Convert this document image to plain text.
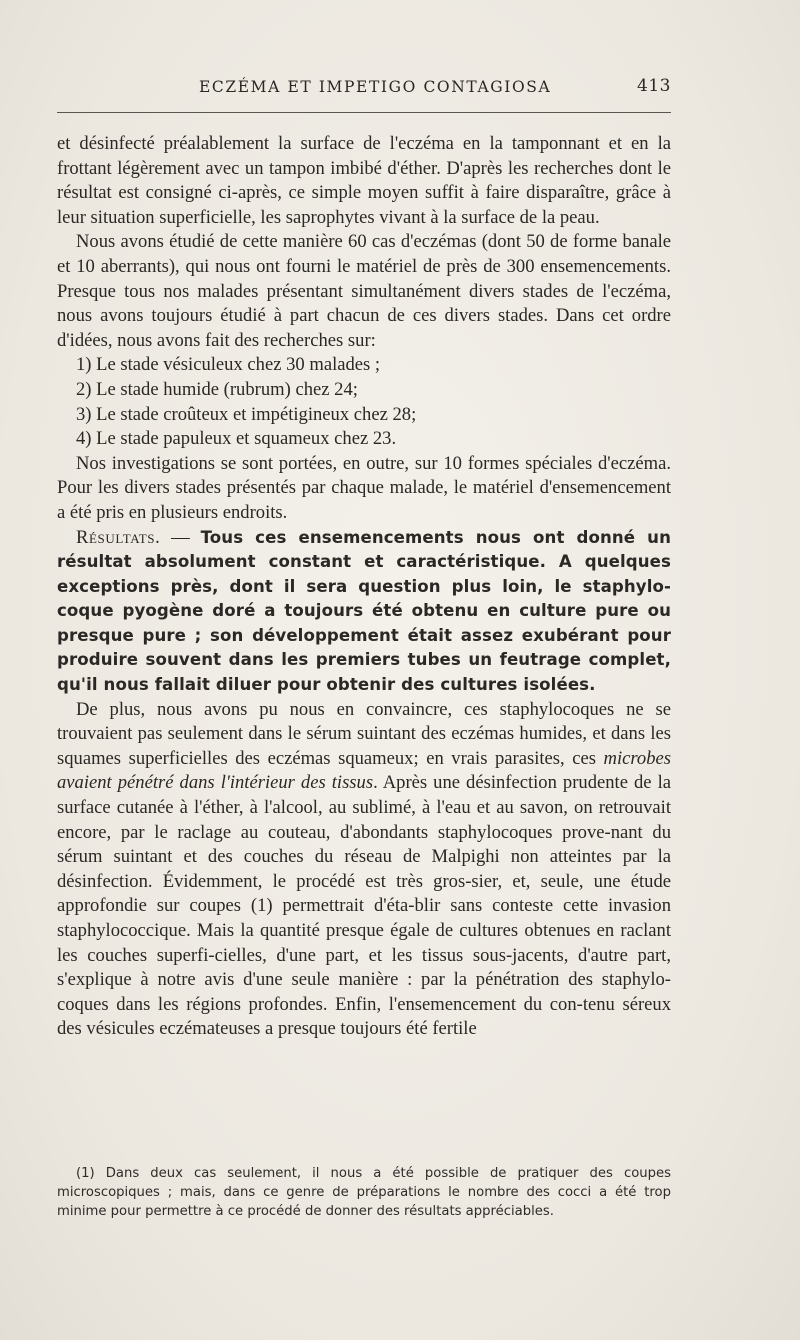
ECZÉMA ET IMPETIGO CONTAGIOSA	413

et désinfecté préalablement la surface de l'eczéma en la tamponnant et en la frottant légèrement avec un tampon imbibé d'éther. D'après les recherches dont le résultat est consigné ci-après, ce simple moyen suffit à faire disparaître, grâce à leur situation superficielle, les saprophytes vivant à la surface de la peau.

Nous avons étudié de cette manière 60 cas d'eczémas (dont 50 de forme banale et 10 aberrants), qui nous ont fourni le matériel de près de 300 ensemencements. Presque tous nos malades présentant simultanément divers stades de l'eczéma, nous avons toujours étudié à part chacun de ces divers stades. Dans cet ordre d'idées, nous avons fait des recherches sur:

1) Le stade vésiculeux chez 30 malades ;

2) Le stade humide (rubrum) chez 24;

3) Le stade croûteux et impétigineux chez 28;

4) Le stade papuleux et squameux chez 23.

Nos investigations se sont portées, en outre, sur 10 formes spéciales d'eczéma. Pour les divers stades présentés par chaque malade, le matériel d'ensemencement a été pris en plusieurs endroits.

Résultats. — Tous ces ensemencements nous ont donné un résultat absolument constant et caractéristique. A quelques exceptions près, dont il sera question plus loin, le staphylo-coque pyogène doré a toujours été obtenu en culture pure ou presque pure ; son développement était assez exubérant pour produire souvent dans les premiers tubes un feutrage complet, qu'il nous fallait diluer pour obtenir des cultures isolées.

De plus, nous avons pu nous en convaincre, ces staphylocoques ne se trouvaient pas seulement dans le sérum suintant des eczémas humides, et dans les squames superficielles des eczémas squameux; en vrais parasites, ces microbes avaient pénétré dans l'intérieur des tissus. Après une désinfection prudente de la surface cutanée à l'éther, à l'alcool, au sublimé, à l'eau et au savon, on retrouvait encore, par le raclage au couteau, d'abondants staphylocoques prove-nant du sérum suintant et des couches du réseau de Malpighi non atteintes par la désinfection. Évidemment, le procédé est très gros-sier, et, seule, une étude approfondie sur coupes (1) permettrait d'éta-blir sans conteste cette invasion staphylococcique. Mais la quantité presque égale de cultures obtenues en raclant les couches superfi-cielles, d'une part, et les tissus sous-jacents, d'autre part, s'explique à notre avis d'une seule manière : par la pénétration des staphylo-coques dans les régions profondes. Enfin, l'ensemencement du con-tenu séreux des vésicules eczémateuses a presque toujours été fertile

(1) Dans deux cas seulement, il nous a été possible de pratiquer des coupes microscopiques ; mais, dans ce genre de préparations le nombre des cocci a été trop minime pour permettre à ce procédé de donner des résultats appréciables.
